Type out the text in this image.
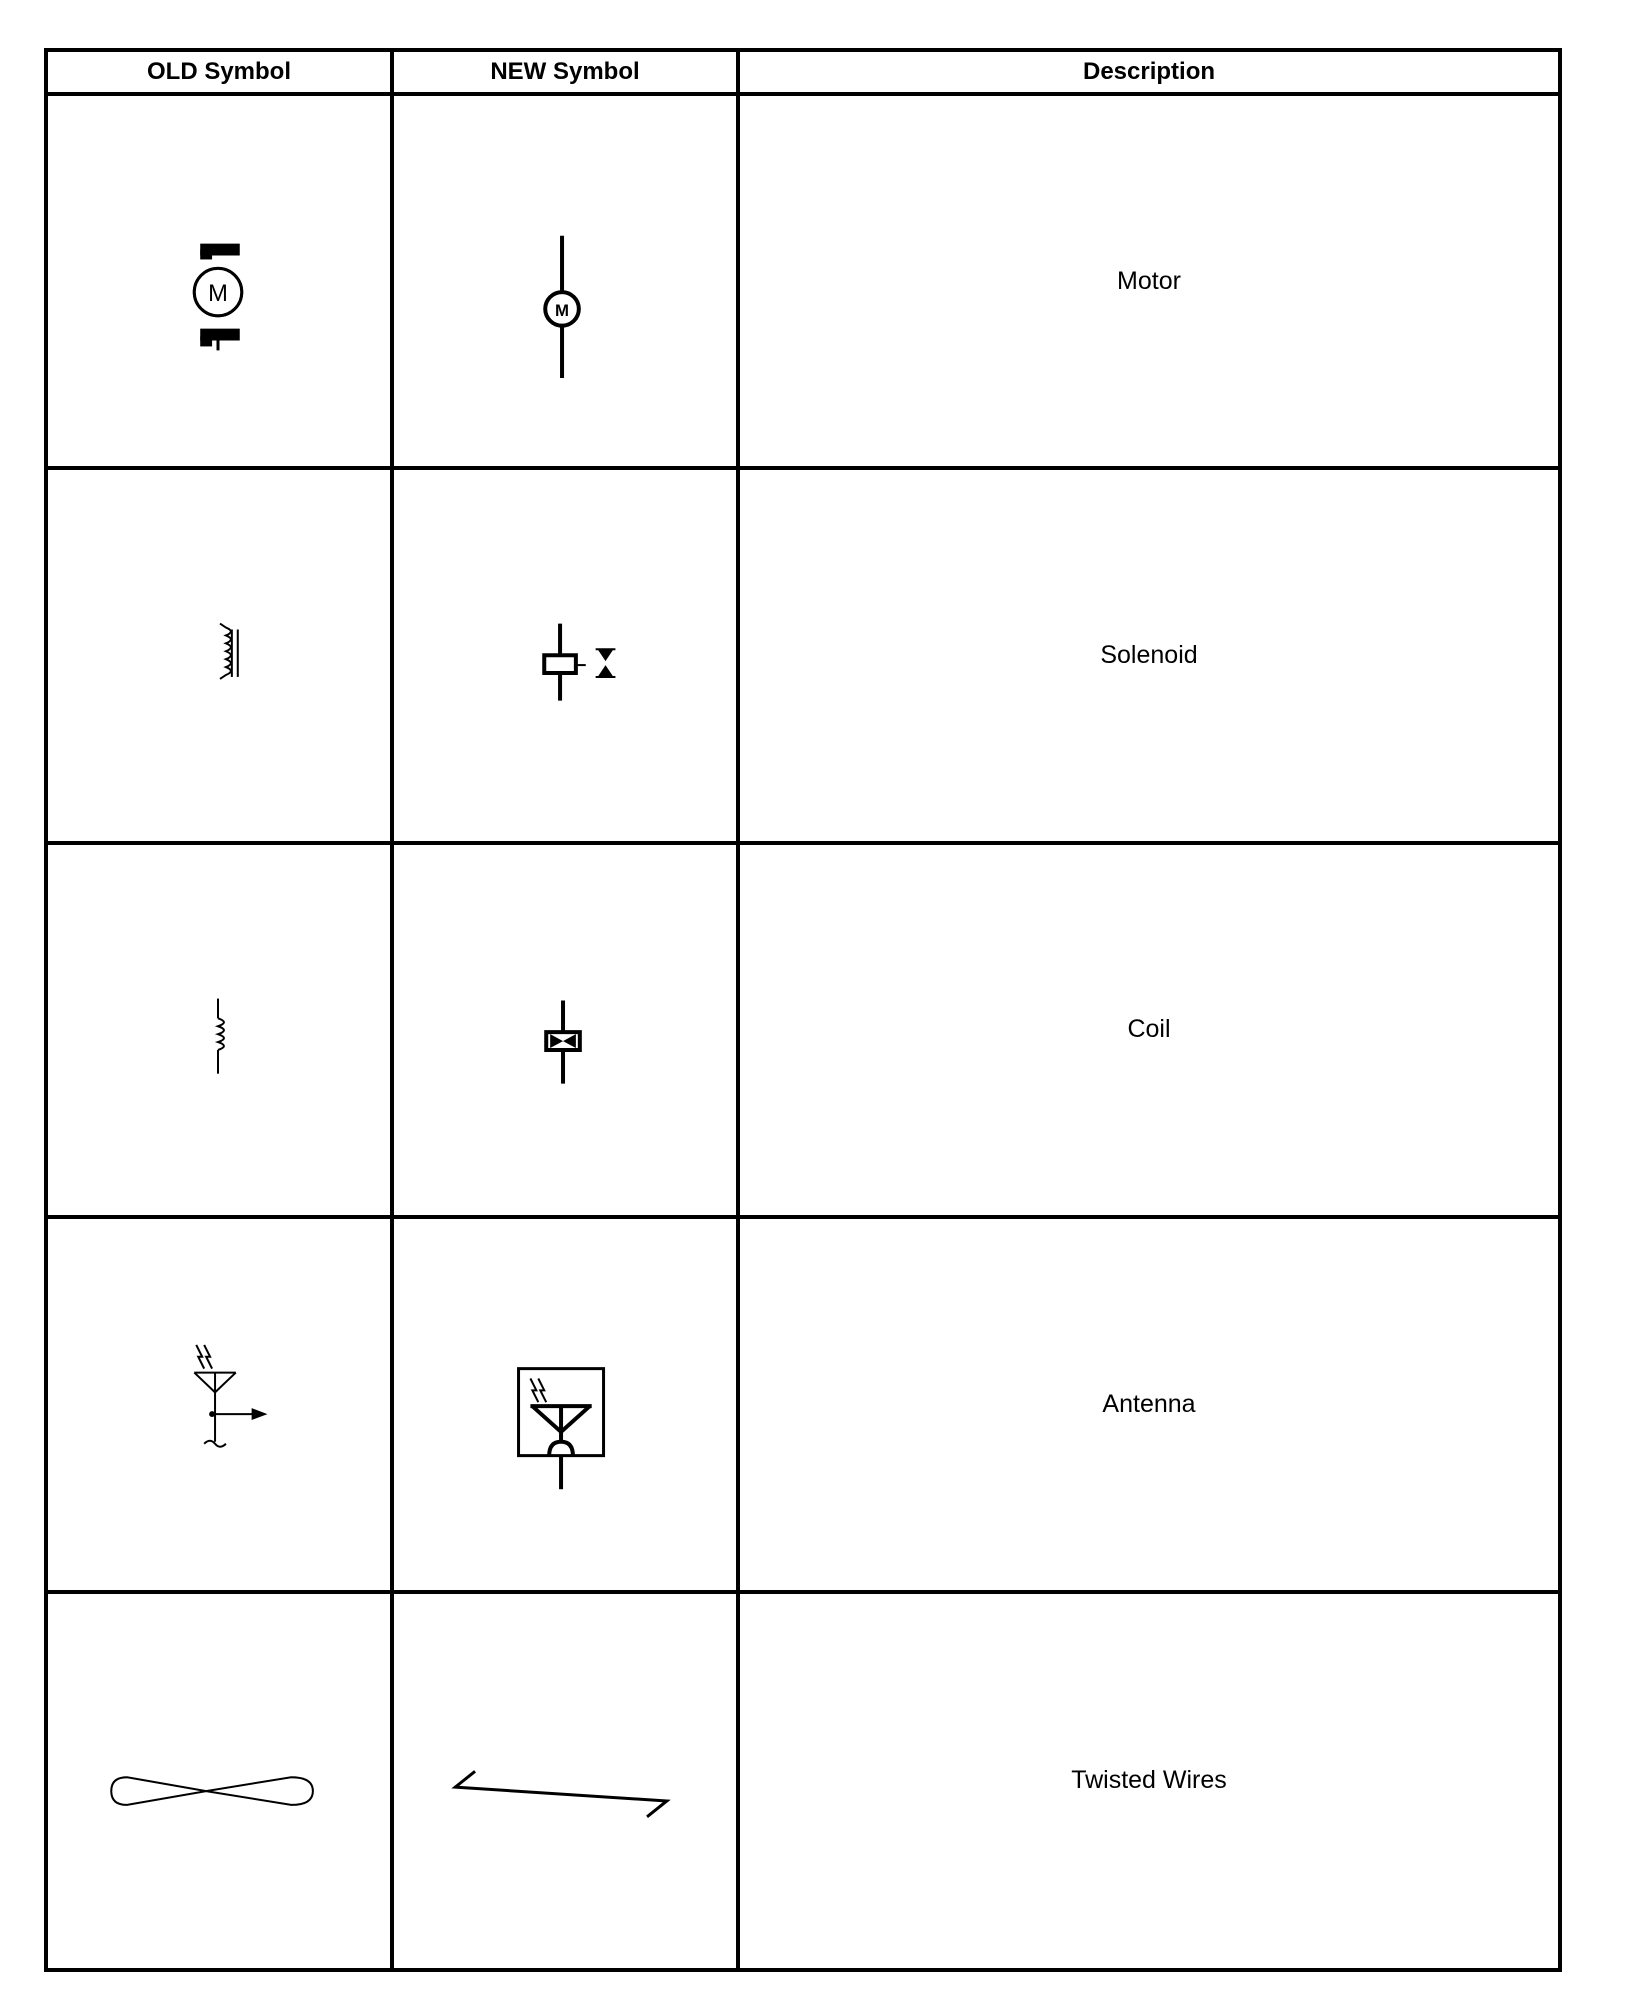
OLD Symbol	NEW Symbol	Description
M
M
Motor
Solenoid
Coil
Antenna
Twisted Wires
